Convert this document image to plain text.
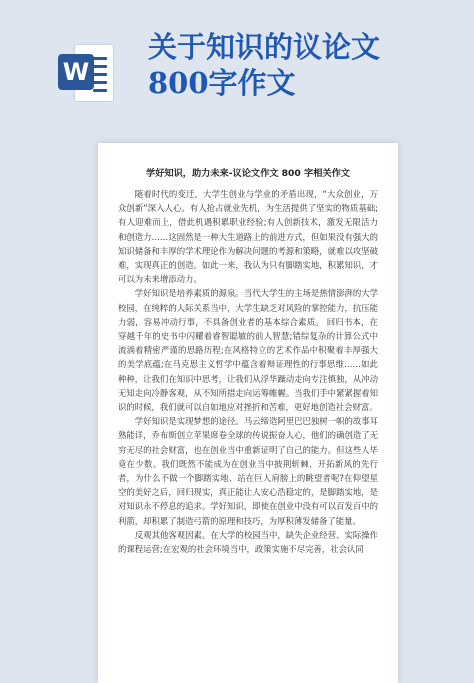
W
关于知识的议论文
800字作文
学好知识，助力未来-议论文作文 800 字相关作文

随着时代的变迁，大学生创业与学业的矛盾出现，“大众创业，万众创新”深入人心。有人抢占就业先机，为生活提供了坚实的物质基础;有人迎难而上，借此机遇积累职业经验;有人创新技术，激发无限活力和创造力……这固然是一种大生道路上的前进方式，但如果没有强大的知识储备和丰厚的学术理论作为解决问题的考源和策略，就难以攻坚破难，实现真正的创造。如此一来，我认为只有脚踏实地，积累知识，才可以为未来增添动力。

学好知识是培养素质的源泉。当代大学生的主场是热情澎湃的大学校园，在纯粹的人际关系当中，大学生缺乏对风险的掌控能力，抗压能力弱，容易冲动行事，不具备创业者的基本综合素质。 回归书本，在穿越千年的史书中闪耀着睿智聪敏的前人智慧;错综复杂的计算公式中流淌着精密严谨的思路历程;在风格特立的艺术作品中积聚着丰厚强大的美学底蕴;在马克思主义哲学中蕴含着辩证理性的行事思维……如此种种，让我们在知识中思考，让我们从浮华躁动走向专注慎独，从冲动无知走向冷静客观，从不知所措走向运筹帷幄。当我们手中紧紧握着知识的时候，我们就可以自如地应对挫折和苦难，更好地创造社会财富。

学好知识是实现梦想的途径。马云缔造阿里巴巴独树一帜的故事耳熟能详，乔布斯创立苹果席卷全球的传说振奋人心，他们的确创造了无穷无尽的社会财富，也在创业当中重新证明了自己的能力。但这些人毕竟在少数。我们既然不能成为在创业当中披荆斩棘、开拓新风的先行者，为什么不做一个脚踏实地、站在巨人肩膀上的眺望者呢?在仰望星空的美好之后，回归现实，真正能让人安心浩稳定的，是脚踏实地，是对知识永不停息的追求。学好知识，即使在创业中没有可以百发百中的利箭，却积累了制造弓箭的原理和技巧，为厚积薄发储备了能量。

反观其他客观因素。在大学的校园当中，缺失企业经营、实际操作的课程运营;在宏观的社会环境当中，政策实施不尽完善，社会认同
